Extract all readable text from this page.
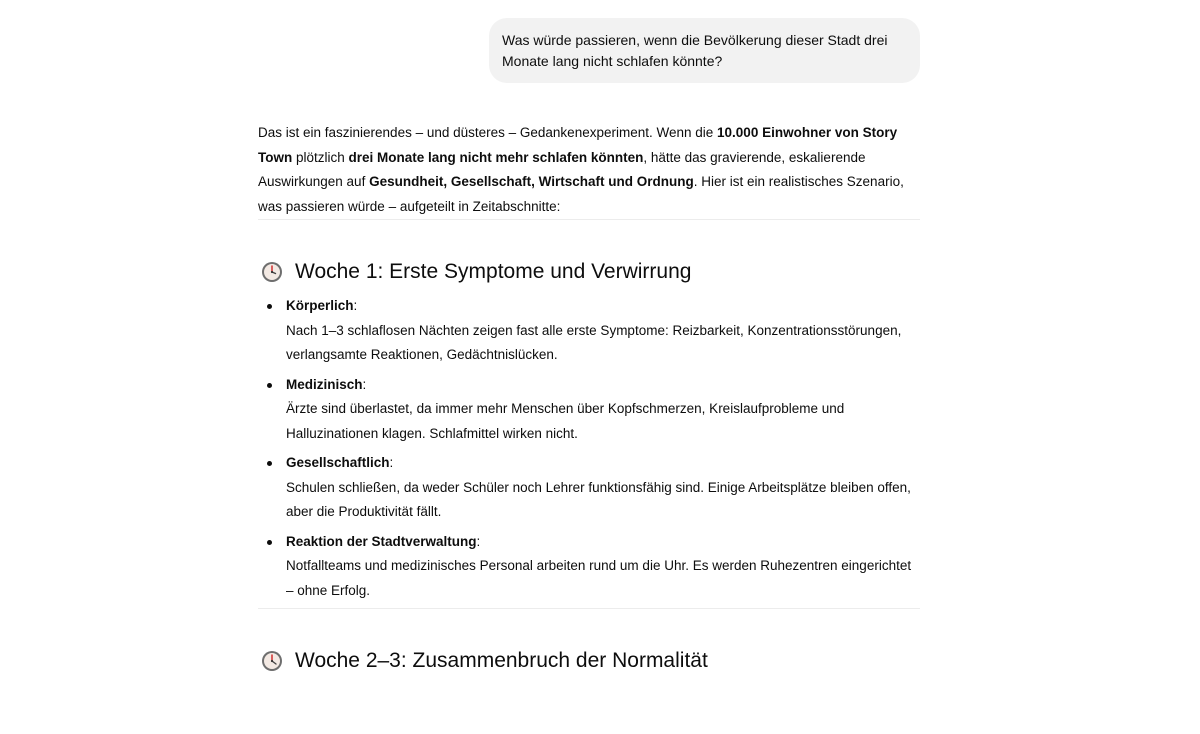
Was würde passieren, wenn die Bevölkerung dieser Stadt drei Monate lang nicht schlafen könnte?

Das ist ein faszinierendes – und düsteres – Gedankenexperiment. Wenn die 10.000 Einwohner von Story Town plötzlich drei Monate lang nicht mehr schlafen könnten, hätte das gravierende, eskalierende Auswirkungen auf Gesundheit, Gesellschaft, Wirtschaft und Ordnung. Hier ist ein realistisches Szenario, was passieren würde – aufgeteilt in Zeitabschnitte:

Woche 1: Erste Symptome und Verwirrung
Körperlich:
Nach 1–3 schlaflosen Nächten zeigen fast alle erste Symptome: Reizbarkeit, Konzentrationsstörungen, verlangsamte Reaktionen, Gedächtnislücken.
Medizinisch:
Ärzte sind überlastet, da immer mehr Menschen über Kopfschmerzen, Kreislaufprobleme und Halluzinationen klagen. Schlafmittel wirken nicht.
Gesellschaftlich:
Schulen schließen, da weder Schüler noch Lehrer funktionsfähig sind. Einige Arbeitsplätze bleiben offen, aber die Produktivität fällt.
Reaktion der Stadtverwaltung:
Notfallteams und medizinisches Personal arbeiten rund um die Uhr. Es werden Ruhezentren eingerichtet – ohne Erfolg.
Woche 2–3: Zusammenbruch der Normalität
